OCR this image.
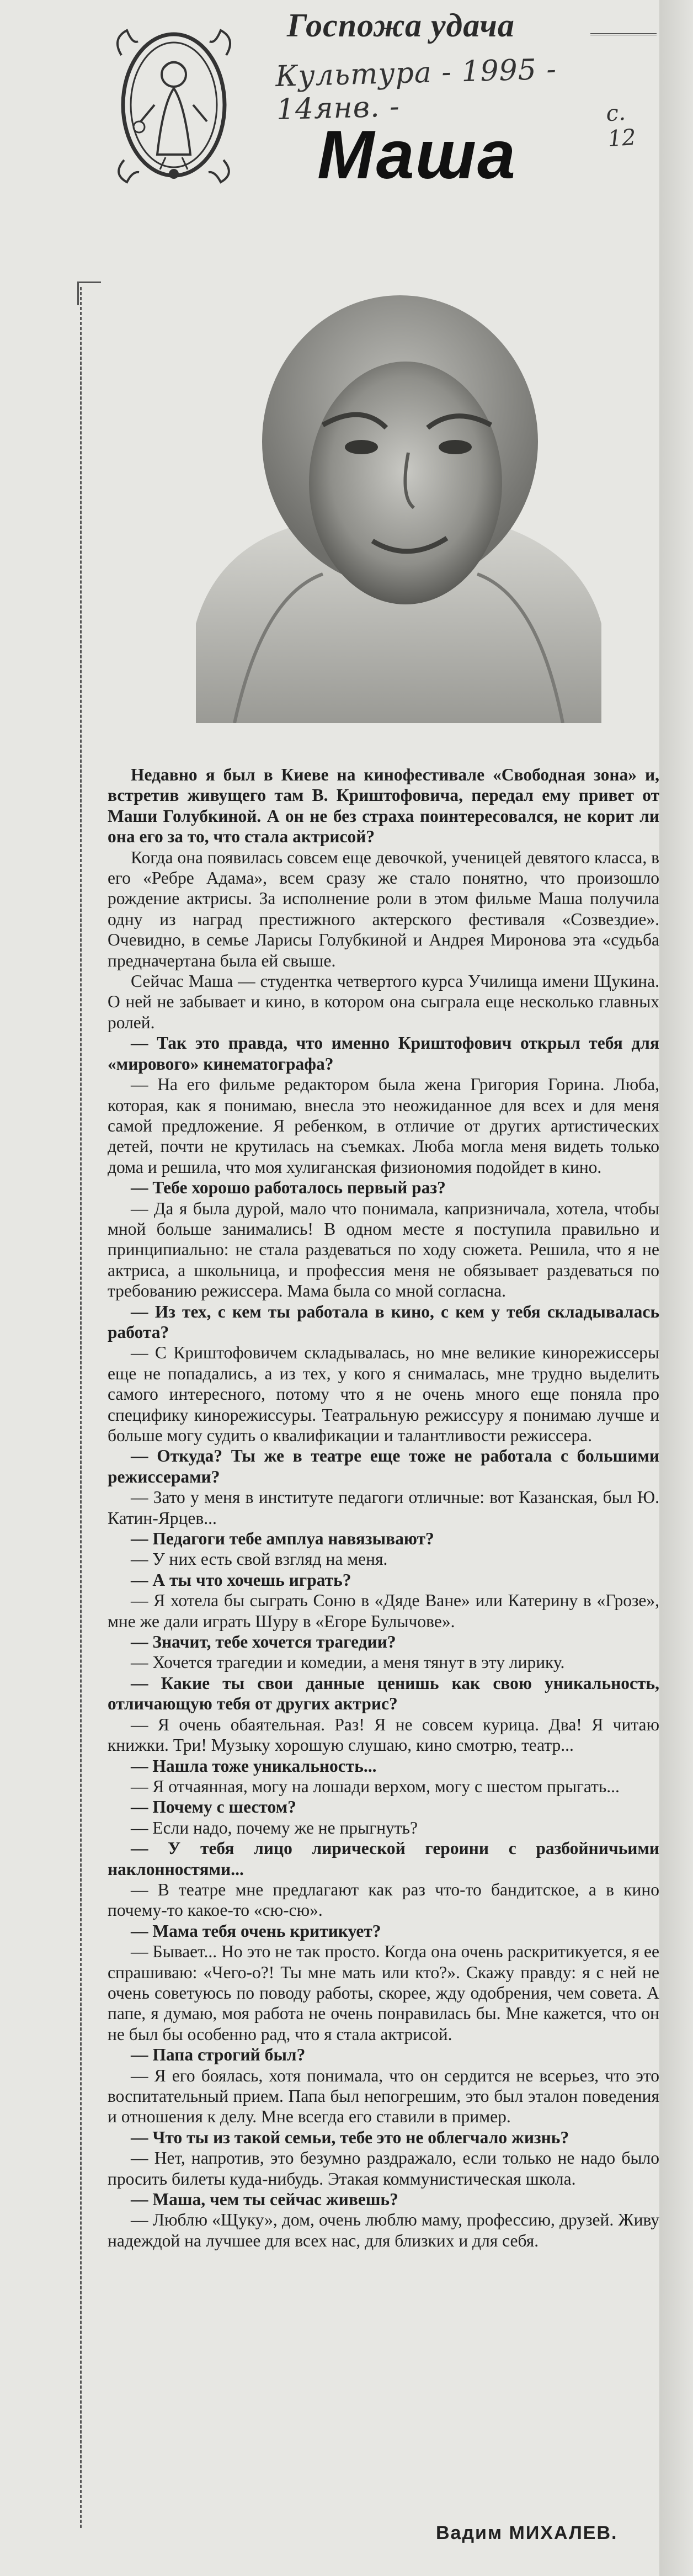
Госпожа удача
Культура - 1995 - 14янв. -	с. 12
Маша

Недавно я был в Киеве на кинофестивале «Свободная зона» и, встретив живущего там В. Криштофовича, передал ему привет от Маши Голубкиной. А он не без страха поинтересовался, не корит ли она его за то, что стала актрисой?

Когда она появилась совсем еще девочкой, ученицей девятого класса, в его «Ребре Адама», всем сразу же стало понятно, что произошло рождение актрисы. За исполнение роли в этом фильме Маша получила одну из наград престижного актерского фестиваля «Созвездие». Очевидно, в семье Ларисы Голубкиной и Андрея Миронова эта «судьба предначертана была ей свыше.

Сейчас Маша — студентка четвертого курса Училища имени Щукина. О ней не забывает и кино, в котором она сыграла еще несколько главных ролей.

— Так это правда, что именно Криштофович открыл тебя для «мирового» кинематографа?

— На его фильме редактором была жена Григория Горина. Люба, которая, как я понимаю, внесла это неожиданное для всех и для меня самой предложение. Я ребенком, в отличие от других артистических детей, почти не крутилась на съемках. Люба могла меня видеть только дома и решила, что моя хулиганская физиономия подойдет в кино.

— Тебе хорошо работалось первый раз?

— Да я была дурой, мало что понимала, капризничала, хотела, чтобы мной больше занимались! В одном месте я поступила правильно и принципиально: не стала раздеваться по ходу сюжета. Решила, что я не актриса, а школьница, и профессия меня не обязывает раздеваться по требованию режиссера. Мама была со мной согласна.

— Из тех, с кем ты работала в кино, с кем у тебя складывалась работа?

— С Криштофовичем складывалась, но мне великие кинорежиссеры еще не попадались, а из тех, у кого я снималась, мне трудно выделить самого интересного, потому что я не очень много еще поняла про специфику кинорежиссуры. Театральную режиссуру я понимаю лучше и больше могу судить о квалификации и талантливости режиссера.

— Откуда? Ты же в театре еще тоже не работала с большими режиссерами?

— Зато у меня в институте педагоги отличные: вот Казанская, был Ю. Катин-Ярцев...

— Педагоги тебе амплуа навязывают?

— У них есть свой взгляд на меня.

— А ты что хочешь играть?

— Я хотела бы сыграть Соню в «Дяде Ване» или Катерину в «Грозе», мне же дали играть Шуру в «Егоре Булычове».

— Значит, тебе хочется трагедии?

— Хочется трагедии и комедии, а меня тянут в эту лирику.

— Какие ты свои данные ценишь как свою уникальность, отличающую тебя от других актрис?

— Я очень обаятельная. Раз! Я не совсем курица. Два! Я читаю книжки. Три! Музыку хорошую слушаю, кино смотрю, театр...

— Нашла тоже уникальность...

— Я отчаянная, могу на лошади верхом, могу с шестом прыгать...

— Почему с шестом?

— Если надо, почему же не прыгнуть?

— У тебя лицо лирической героини с разбойничьими наклонностями...

— В театре мне предлагают как раз что-то бандитское, а в кино почему-то какое-то «сю-сю».

— Мама тебя очень критикует?

— Бывает... Но это не так просто. Когда она очень раскритикуется, я ее спрашиваю: «Чего-о?! Ты мне мать или кто?». Скажу правду: я с ней не очень советуюсь по поводу работы, скорее, жду одобрения, чем совета. А папе, я думаю, моя работа не очень понравилась бы. Мне кажется, что он не был бы особенно рад, что я стала актрисой.

— Папа строгий был?

— Я его боялась, хотя понимала, что он сердится не всерьез, что это воспитательный прием. Папа был непогрешим, это был эталон поведения и отношения к делу. Мне всегда его ставили в пример.

— Что ты из такой семьи, тебе это не облегчало жизнь?

— Нет, напротив, это безумно раздражало, если только не надо было просить билеты куда-нибудь. Этакая коммунистическая школа.

— Маша, чем ты сейчас живешь?

— Люблю «Щуку», дом, очень люблю маму, профессию, друзей. Живу надеждой на лучшее для всех нас, для близких и для себя.

Вадим МИХАЛЕВ.
